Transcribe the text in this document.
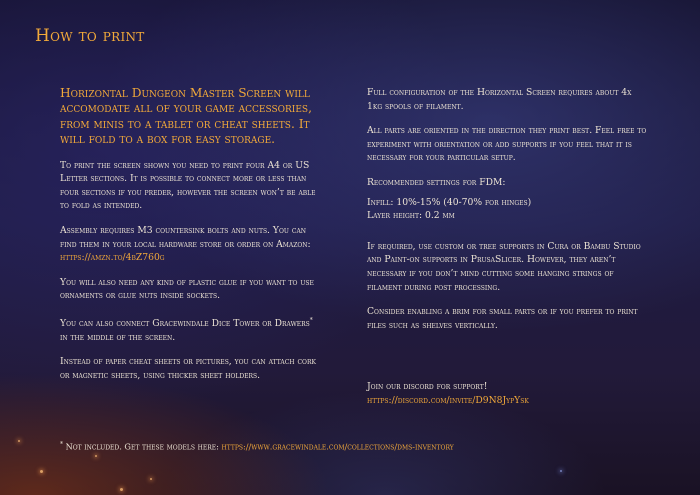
How to print

Horizontal Dungeon Master Screen will accomodate all of your game accessories, from minis to a tablet or cheat sheets. It will fold to a box for easy storage.

To print the screen shown you need to print four A4 or US Letter sections. It is possible to connect more or less than four sections if you preder, however the screen won’t be able to fold as intended.

Assembly requires M3 countersink bolts and nuts. You can find them in your local hardware store or order on Amazon: https://amzn.to/4bZ760g

You will also need any kind of plastic glue if you want to use ornaments or glue nuts inside sockets.

You can also connect Gracewindale Dice Tower or Drawers* in the middle of the screen.

Instead of paper cheat sheets or pictures, you can attach cork or magnetic sheets, using thicker sheet holders.

Full configuration of the Horizontal Screen requires about 4x 1kg spools of filament.

All parts are oriented in the direction they print best. Feel free to experiment with orientation or add supports if you feel that it is necessary for your particular setup.

Recommended settings for FDM:

Infill: 10%-15% (40-70% for hinges)

Layer height: 0.2 mm

If required, use custom or tree supports in Cura or Bambu Studio and Paint-on supports in PrusaSlicer. However, they aren’t necessary if you don’t mind cutting some hanging strings of filament during post processing.

Consider enabling a brim for small parts or if you prefer to print files such as shelves vertically.

Join our discord for support!
https://discord.com/invite/D9N8JypYsk
* Not included. Get these models here: https://www.gracewindale.com/collections/dms-inventory
